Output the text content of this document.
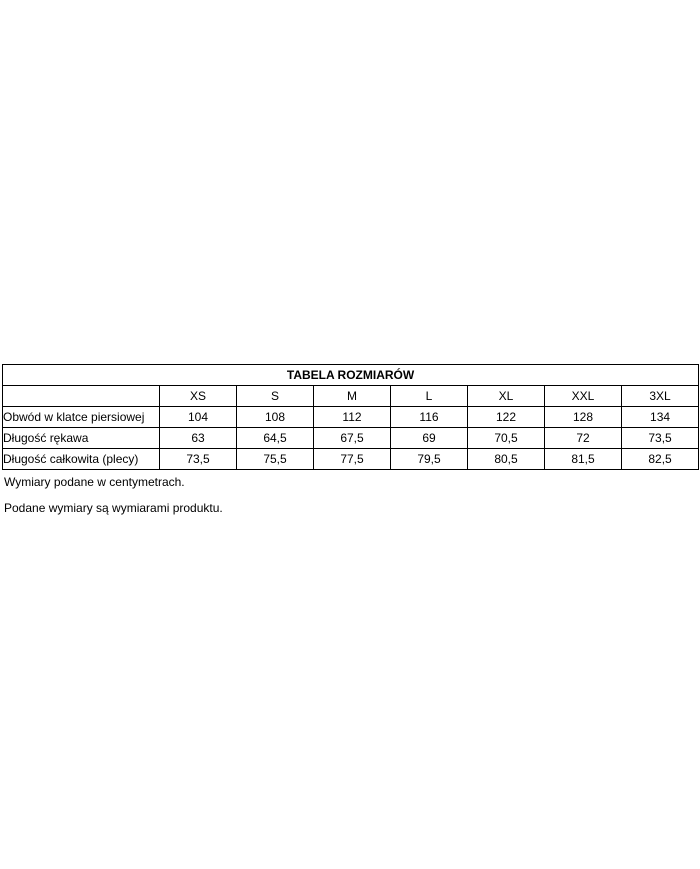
TABELA ROZMIARÓW							
	XS	S	M	L	XL	XXL	3XL
Obwód w klatce piersiowej	104	108	112	116	122	128	134
Długość rękawa	63	64,5	67,5	69	70,5	72	73,5
Długość całkowita (plecy)	73,5	75,5	77,5	79,5	80,5	81,5	82,5
Wymiary podane w centymetrach.
Podane wymiary są wymiarami produktu.
